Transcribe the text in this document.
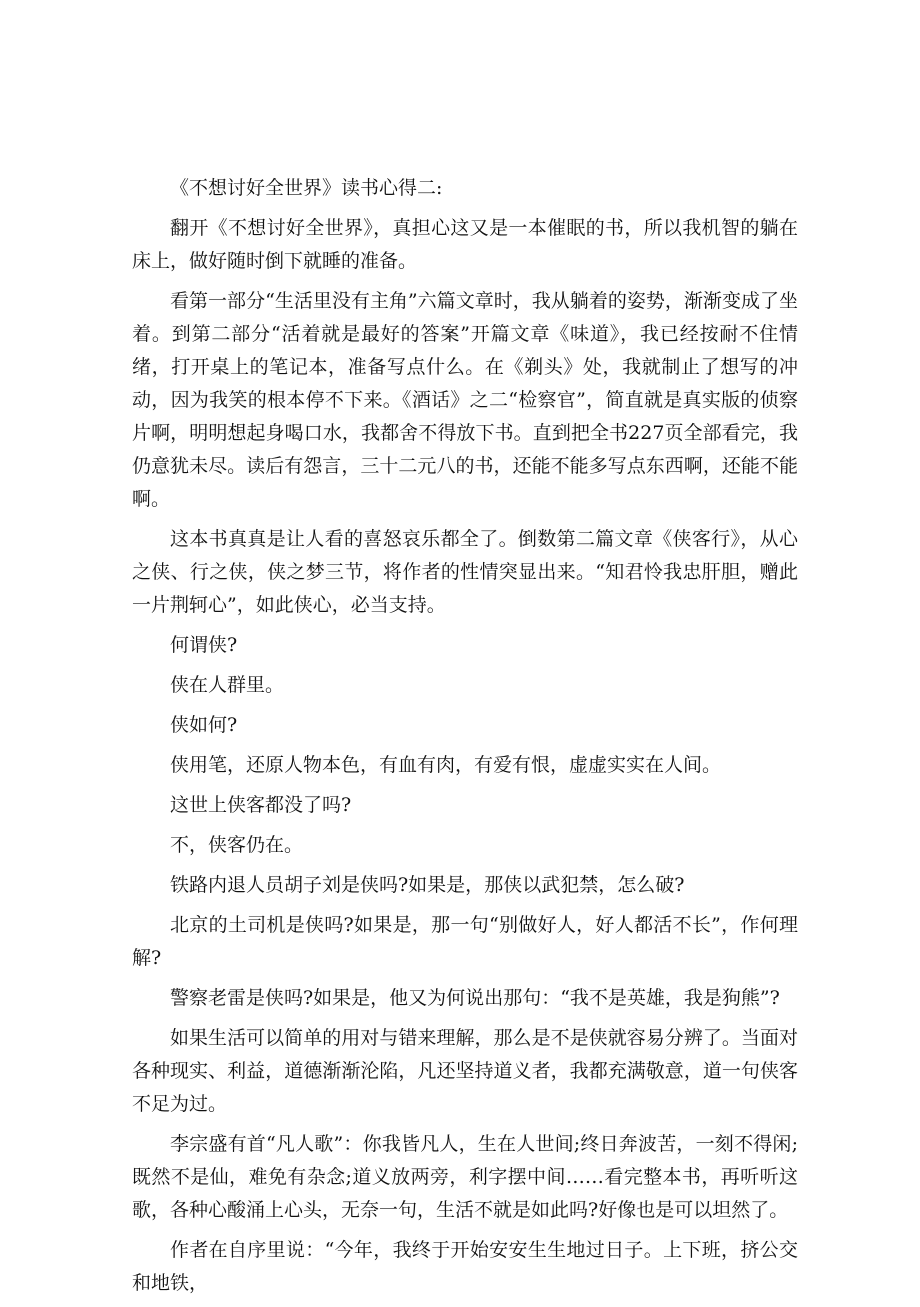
《不想讨好全世界》读书心得二:

翻开《不想讨好全世界》，真担心这又是一本催眠的书，所以我机智的躺在床上，做好随时倒下就睡的准备。

看第一部分“生活里没有主角”六篇文章时，我从躺着的姿势，渐渐变成了坐着。到第二部分“活着就是最好的答案”开篇文章《味道》，我已经按耐不住情绪，打开桌上的笔记本，准备写点什么。在《剃头》处，我就制止了想写的冲动，因为我笑的根本停不下来。《酒话》之二“检察官”，简直就是真实版的侦察片啊，明明想起身喝口水，我都舍不得放下书。直到把全书227页全部看完，我仍意犹未尽。读后有怨言，三十二元八的书，还能不能多写点东西啊，还能不能啊。

这本书真真是让人看的喜怒哀乐都全了。倒数第二篇文章《侠客行》，从心之侠、行之侠，侠之梦三节，将作者的性情突显出来。“知君怜我忠肝胆，赠此一片荆轲心”，如此侠心，必当支持。

何谓侠?

侠在人群里。

侠如何?

侠用笔，还原人物本色，有血有肉，有爱有恨，虚虚实实在人间。

这世上侠客都没了吗?

不，侠客仍在。

铁路内退人员胡子刘是侠吗?如果是，那侠以武犯禁，怎么破?

北京的土司机是侠吗?如果是，那一句“别做好人，好人都活不长”，作何理解?

警察老雷是侠吗?如果是，他又为何说出那句：“我不是英雄，我是狗熊”?

如果生活可以简单的用对与错来理解，那么是不是侠就容易分辨了。当面对各种现实、利益，道德渐渐沦陷，凡还坚持道义者，我都充满敬意，道一句侠客不足为过。

李宗盛有首“凡人歌”：你我皆凡人，生在人世间;终日奔波苦，一刻不得闲;既然不是仙，难免有杂念;道义放两旁，利字摆中间……看完整本书，再听听这歌，各种心酸涌上心头，无奈一句，生活不就是如此吗?好像也是可以坦然了。

作者在自序里说：“今年，我终于开始安安生生地过日子。上下班，挤公交和地铁，
